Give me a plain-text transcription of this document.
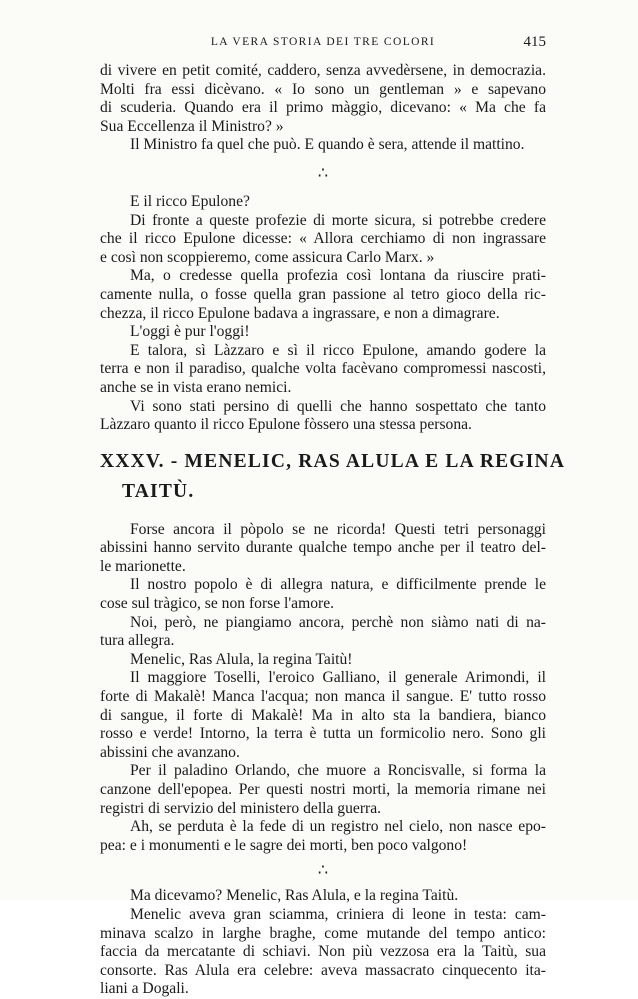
LA VERA STORIA DEI TRE COLORI	415
di vivere en petit comité, caddero, senza avvedèrsene, in democrazia.
Molti fra essi dicèvano. « Io sono un gentleman » e sapevano
di scuderia. Quando era il primo màggio, dicevano: « Ma che fa
Sua Eccellenza il Ministro? »
Il Ministro fa quel che può. E quando è sera, attende il mattino.
∴
E il ricco Epulone?
Di fronte a queste profezie di morte sicura, si potrebbe credere
che il ricco Epulone dicesse: « Allora cerchiamo di non ingrassare
e così non scoppieremo, come assicura Carlo Marx. »
Ma, o credesse quella profezia così lontana da riuscire prati-
camente nulla, o fosse quella gran passione al tetro gioco della ric-
chezza, il ricco Epulone badava a ingrassare, e non a dimagrare.
L'oggi è pur l'oggi!
E talora, sì Làzzaro e sì il ricco Epulone, amando godere la
terra e non il paradiso, qualche volta facèvano compromessi nascosti,
anche se in vista erano nemici.
Vi sono stati persino di quelli che hanno sospettato che tanto
Làzzaro quanto il ricco Epulone fòssero una stessa persona.
XXXV. - MENELIC, RAS ALULA E LA REGINA
TAITÙ.
Forse ancora il pòpolo se ne ricorda! Questi tetri personaggi
abissini hanno servito durante qualche tempo anche per il teatro del-
le marionette.
Il nostro popolo è di allegra natura, e difficilmente prende le
cose sul tràgico, se non forse l'amore.
Noi, però, ne piangiamo ancora, perchè non siàmo nati di na-
tura allegra.
Menelic, Ras Alula, la regina Taitù!
Il maggiore Toselli, l'eroico Galliano, il generale Arimondi, il
forte di Makalè! Manca l'acqua; non manca il sangue. E' tutto rosso
di sangue, il forte di Makalè! Ma in alto sta la bandiera, bianco
rosso e verde! Intorno, la terra è tutta un formicolio nero. Sono gli
abissini che avanzano.
Per il paladino Orlando, che muore a Roncisvalle, si forma la
canzone dell'epopea. Per questi nostri morti, la memoria rimane nei
registri di servizio del ministero della guerra.
Ah, se perduta è la fede di un registro nel cielo, non nasce epo-
pea: e i monumenti e le sagre dei morti, ben poco valgono!
∴
Ma dicevamo? Menelic, Ras Alula, e la regina Taitù.
Menelic aveva gran sciamma, criniera di leone in testa: cam-
minava scalzo in larghe braghe, come mutande del tempo antico:
faccia da mercatante di schiavi. Non più vezzosa era la Taitù, sua
consorte. Ras Alula era celebre: aveva massacrato cinquecento ita-
liani a Dogali.
